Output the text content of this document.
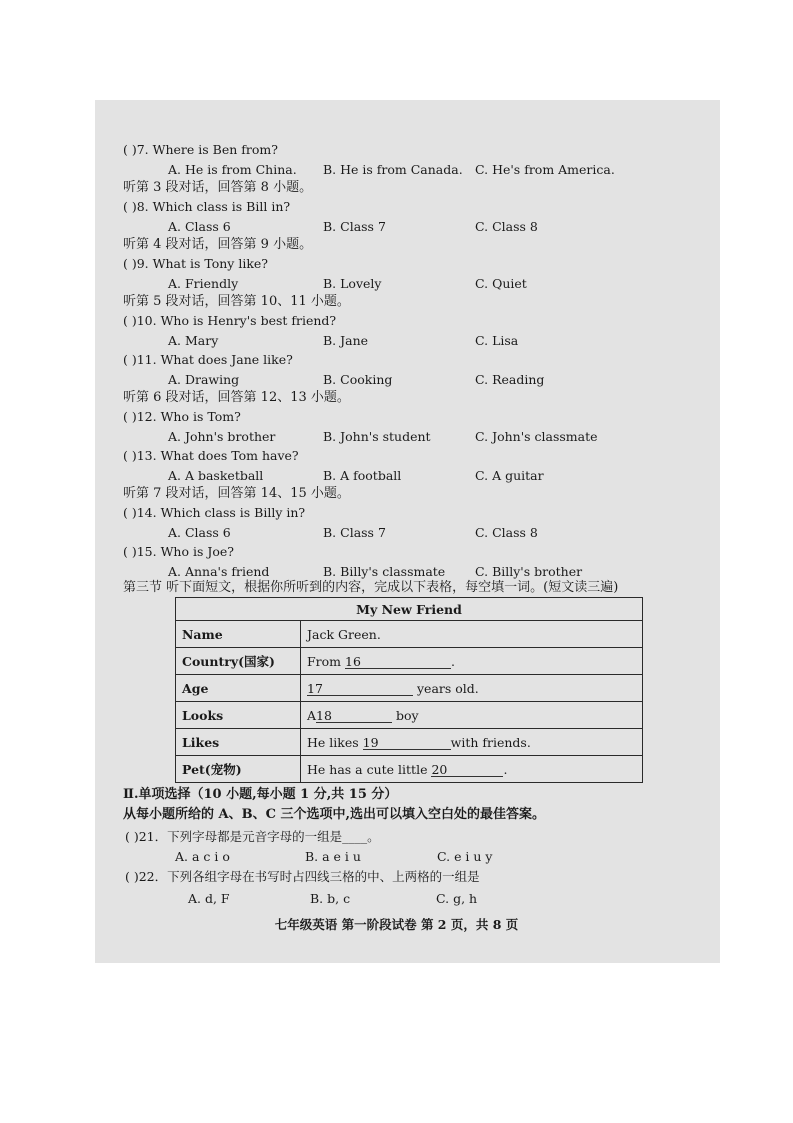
( )7. Where is Ben from?
A. He is from China. B. He is from Canada. C. He's from America.
听第 3 段对话，回答第 8 小题。
( )8. Which class is Bill in?
A. Class 6	B. Class 7	C. Class 8
听第 4 段对话，回答第 9 小题。
( )9. What is Tony like?
A. Friendly	B. Lovely	C. Quiet
听第 5 段对话，回答第 10、11 小题。
( )10. Who is Henry's best friend?
A. Mary	B. Jane	C. Lisa
( )11. What does Jane like?
A. Drawing	B. Cooking	C. Reading
听第 6 段对话，回答第 12、13 小题。
( )12. Who is Tom?
A. John's brother	B. John's student	C. John's classmate
( )13. What does Tom have?
A. A basketball	B. A football	C. A guitar
听第 7 段对话，回答第 14、15 小题。
( )14. Which class is Billy in?
A. Class 6	B. Class 7	C. Class 8
( )15. Who is Joe?
A. Anna's friend	B. Billy's classmate C. Billy's brother
第三节 听下面短文，根据你所听到的内容，完成以下表格，每空填一词。(短文读三遍)
My New Friend	
Name	Jack Green.
Country(国家)	From 16 .
Age	17 years old.
Looks	A18 boy
Likes	He likes 19 with friends.
Pet(宠物)	He has a cute little 20 .
Ⅱ.单项选择（10 小题,每小题 1 分,共 15 分）
从每小题所给的 A、B、C 三个选项中,选出可以填入空白处的最佳答案。
( )21．下列字母都是元音字母的一组是____。
A. a c i o	B. a e i u	C. e i u y
( )22．下列各组字母在书写时占四线三格的中、上两格的一组是
A. d, F	B. b, c	C. g, h
七年级英语 第一阶段试卷 第 2 页，共 8 页
